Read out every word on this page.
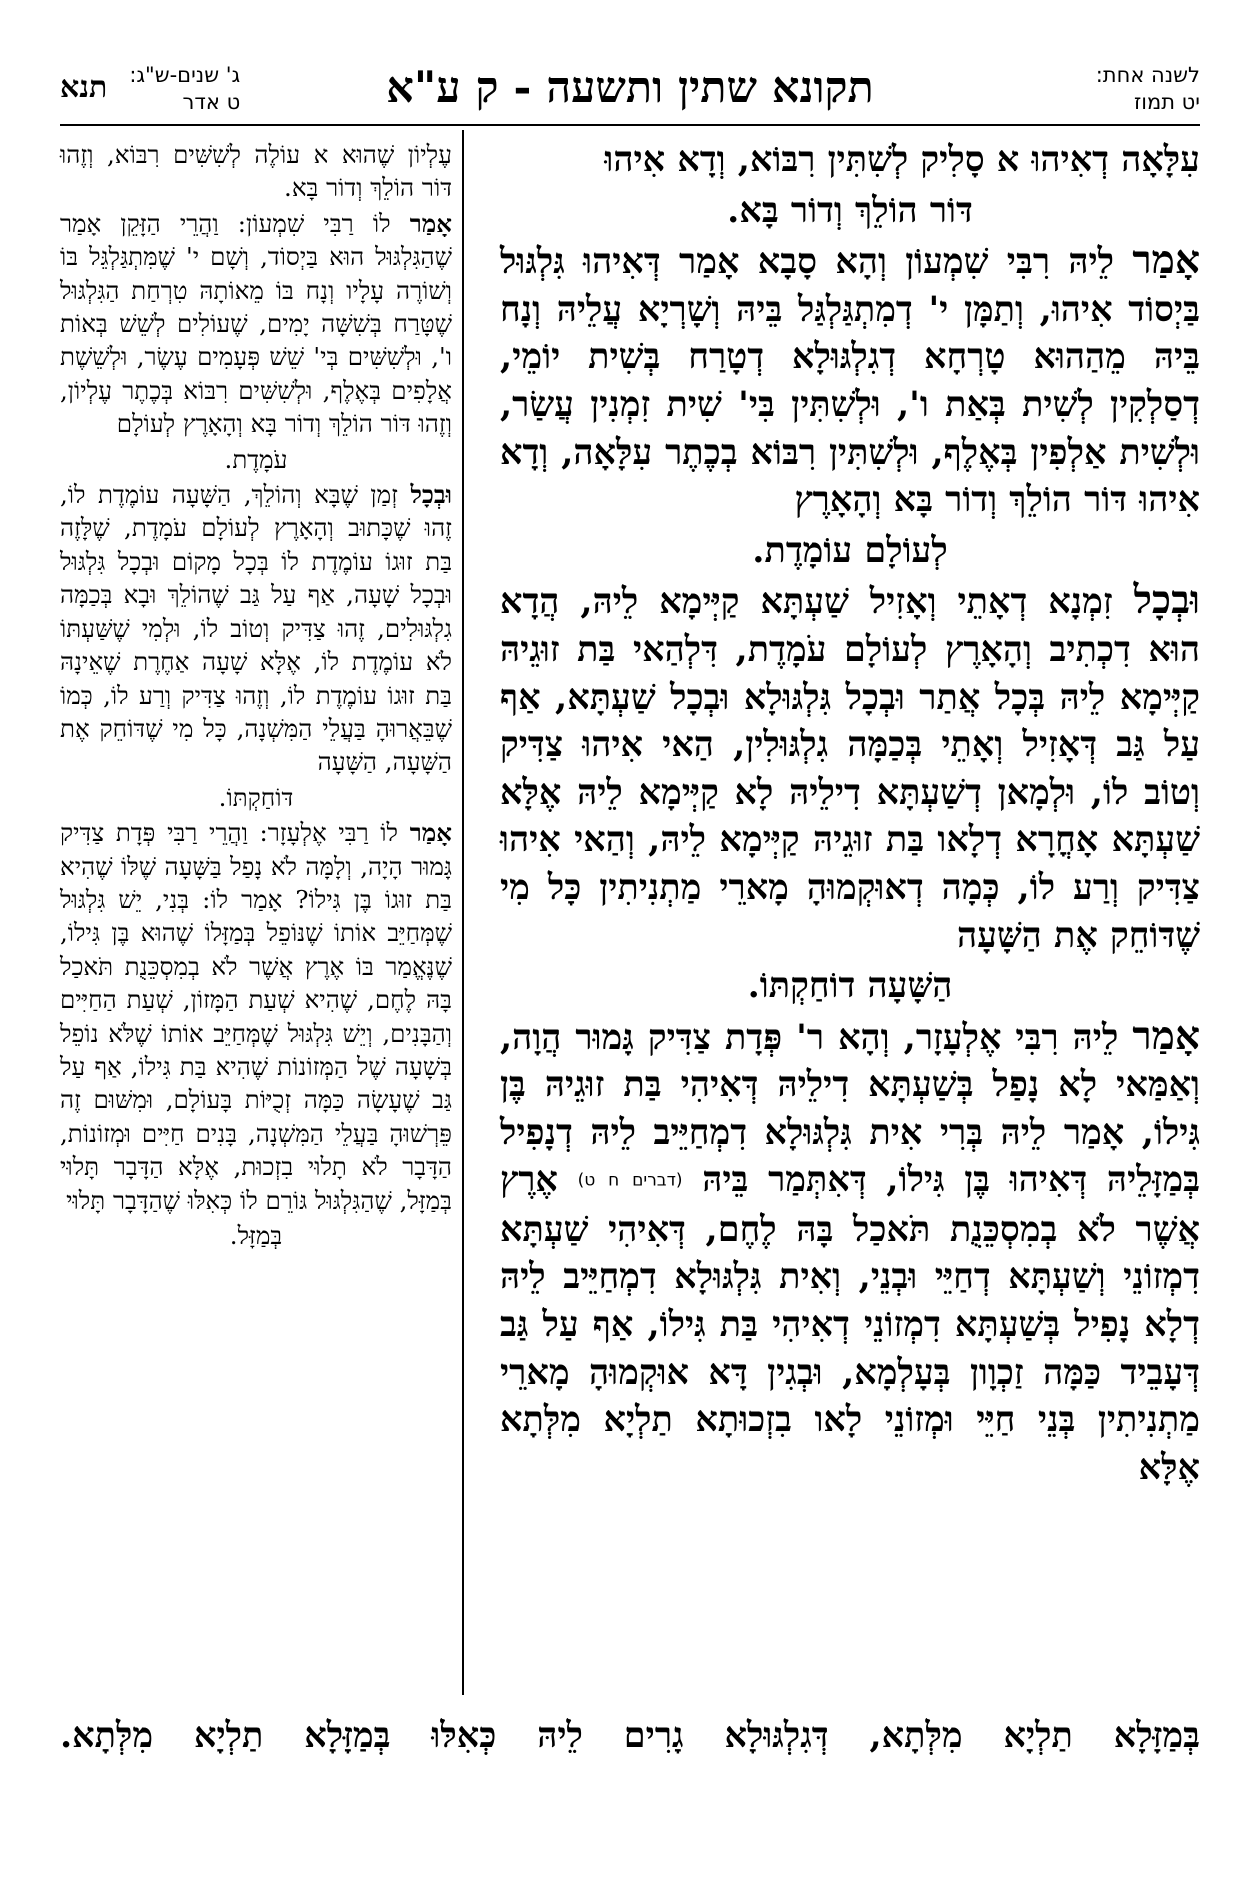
לשנה אחת:
יט תמוז
תקונא שתין ותשעה - ק ע"א
ג' שנים-ש"ג:
ט אדר
תנא

עִלָּאָה דְאִיהוּ א סָלִיק לְשִׁתִּין רִבּוֹא, וְדָא אִיהוּ

דּוֹר הוֹלֵךְ וְדוֹר בָּא.

אָמַר לֵיהּ רִבִּי שִׁמְעוֹן וְהָא סָבָא אָמַר דְּאִיהוּ גִּלְגּוּל בַּיְסוֹד אִיהוּ, וְתַמָּן י' דְמִתְגַּלְגַּל בֵּיהּ וְשָׁרְיָא עֲלֵיהּ וְנָח בֵּיהּ מֵהַהוּא טָרְחָא דְגִלְגּוּלָא דְטָרַח בְּשִׁית יוֹמֵי, דְסַלְקִין לְשִׁית בְּאַת ו', וּלְשִׁתִּין בִּי' שִׁית זִמְנִין עֲשַׂר, וּלְשִׁית אַלְפִין בְּאֶלֶף, וּלְשִׁתִּין רִבּוֹא בְכֶתֶר עִלָּאָה, וְדָא אִיהוּ דּוֹר הוֹלֵךְ וְדוֹר בָּא וְהָאָרֶץ

לְעוֹלָם עוֹמָדֶת.

וּבְכָל זִמְנָא דְאָתֵי וְאָזִיל שַׁעְתָּא קַיְּימָא לֵיהּ, הֲדָא הוּא דִכְתִיב וְהָאָרֶץ לְעוֹלָם עֹמָדֶת, דִּלְהַאי בַּת זוּגֵיהּ קַיְּימָא לֵיהּ בְּכָל אֲתַר וּבְכָל גִּלְגּוּלָא וּבְכָל שַׁעְתָּא, אַף עַל גַּב דְּאָזִיל וְאָתֵי בְּכַמָּה גִלְגּוּלִין, הַאי אִיהוּ צַדִּיק וְטוֹב לוֹ, וּלְמָאן דְשַׁעְתָּא דִילֵיהּ לָא קַיְּימָא לֵיהּ אֶלָּא שַׁעְתָּא אָחֳרָא דְלָאו בַּת זוּגֵיהּ קַיְּימָא לֵיהּ, וְהַאי אִיהוּ צַדִּיק וְרַע לוֹ, כְּמָה דְאוּקְמוּהָ מָארֵי מַתְנִיתִין כָּל מִי שֶׁדּוֹחֵק אֶת הַשָּׁעָה

הַשָּׁעָה דוֹחַקְתּוֹ.

אָמַר לֵיהּ רִבִּי אֶלְעָזָר, וְהָא ר' פְּדָת צַדִּיק גָּמוּר הֲוָה, וְאַמַּאי לָא נָפַל בְּשַׁעְתָּא דִילֵיהּ דְּאִיהִי בַּת זוּגֵיהּ בֶּן גִּילוֹ, אָמַר לֵיהּ בְּרִי אִית גִּלְגּוּלָא דִמְחַיֵּיב לֵיהּ דְנָפִיל בְּמַזָּלֵיהּ דְּאִיהוּ בֶּן גִּילוֹ, דְּאִתְּמַר בֵּיהּ (דברים ח ט) אֶרֶץ אֲשֶׁר לֹא בְמִסְכֵּנֻת תֹּאכַל בָּהּ לֶחֶם, דְּאִיהִי שַׁעְתָּא דִמְזוֹנֵי וְשַׁעְתָּא דְחַיֵּי וּבְנֵי, וְאִית גִּלְגּוּלָא דִמְחַיֵּיב לֵיהּ דְלָא נָפִיל בְּשַׁעְתָּא דִמְזוֹנֵי דְאִיהִי בַּת גִּילוֹ, אַף עַל גַּב דְּעָבֵיד כַּמָּה זַכְוָון בְּעָלְמָא, וּבְגִין דָּא אוּקְמוּהָ מָארֵי מַתְנִיתִין בְּנֵי חַיֵּי וּמְזוֹנֵי לָאו בִזְכוּתָא תַלְיָא מִלְּתָא אֶלָּא

עֶלְיוֹן שֶׁהוּא א עוֹלֶה לְשִׁשִּׁים רִבּוֹא, וְזֶהוּ דּוֹר הוֹלֵךְ וְדוֹר בָּא.

אָמַר לוֹ רַבִּי שִׁמְעוֹן: וַהֲרֵי הַזָּקֵן אָמַר שֶׁהַגִּלְגּוּל הוּא בַּיְסוֹד, וְשָׁם י' שֶׁמִּתְגַּלְגֵּל בּוֹ וְשׁוֹרֶה עָלָיו וְנָח בּוֹ מֵאוֹתָהּ טִרְחַת הַגִּלְגּוּל שֶׁטָּרַח בְּשִׁשָּׁה יָמִים, שֶׁעוֹלִים לְשֵׁשׁ בְּאוֹת ו', וּלְשִׁשִּׁים בְּי' שֵׁשׁ פְּעָמִים עֶשֶׂר, וּלְשֵׁשֶׁת אֲלָפִים בְּאֶלֶף, וּלְשִׁשִּׁים רִבּוֹא בְּכֶתֶר עֶלְיוֹן, וְזֶהוּ דּוֹר הוֹלֵךְ וְדוֹר בָּא וְהָאָרֶץ לְעוֹלָם

עֹמָדֶת.

וּבְכָל זְמַן שֶׁבָּא וְהוֹלֵךְ, הַשָּׁעָה עוֹמֶדֶת לוֹ, זֶהוּ שֶׁכָּתוּב וְהָאָרֶץ לְעוֹלָם עֹמָדֶת, שֶׁלָּזֶה בַּת זוּגוֹ עוֹמֶדֶת לוֹ בְּכָל מָקוֹם וּבְכָל גִּלְגּוּל וּבְכָל שָׁעָה, אַף עַל גַּב שֶׁהוֹלֵךְ וּבָא בְּכַמָּה גִלְגּוּלִים, זֶהוּ צַדִּיק וְטוֹב לוֹ, וּלְמִי שֶׁשַּׁעְתּוֹ לֹא עוֹמֶדֶת לוֹ, אֶלָּא שָׁעָה אַחֶרֶת שֶׁאֵינָהּ בַּת זוּגוֹ עוֹמֶדֶת לוֹ, וְזֶהוּ צַדִּיק וְרַע לוֹ, כְּמוֹ שֶׁבֵּאֲרוּהָ בַּעֲלֵי הַמִּשְׁנָה, כָּל מִי שֶׁדּוֹחֵק אֶת הַשָּׁעָה, הַשָּׁעָה

דּוֹחַקְתּוֹ.

אָמַר לוֹ רַבִּי אֶלְעָזָר: וַהֲרֵי רַבִּי פְּדָת צַדִּיק גָּמוּר הָיָה, וְלָמָּה לֹא נָפַל בַּשָּׁעָה שֶׁלּוֹ שֶׁהִיא בַּת זוּגוֹ בֶּן גִּילוֹ? אָמַר לוֹ: בְּנִי, יֵשׁ גִּלְגּוּל שֶׁמְּחַיֵּב אוֹתוֹ שֶׁנּוֹפֵל בְּמַזָּלוֹ שֶׁהוּא בֶּן גִּילוֹ, שֶׁנֶּאֱמַר בּוֹ אֶרֶץ אֲשֶׁר לֹא בְמִסְכֵּנֻת תֹּאכַל בָּהּ לֶחֶם, שֶׁהִיא שְׁעַת הַמָּזוֹן, שְׁעַת הַחַיִּים וְהַבָּנִים, וְיֵשׁ גִּלְגּוּל שֶׁמְּחַיֵּב אוֹתוֹ שֶׁלֹּא נוֹפֵל בְּשָׁעָה שֶׁל הַמְּזוֹנוֹת שֶׁהִיא בַּת גִּילוֹ, אַף עַל גַּב שֶׁעָשָׂה כַּמָּה זְכֻיּוֹת בָּעוֹלָם, וּמִשּׁוּם זֶה פֵּרְשׁוּהָ בַּעֲלֵי הַמִּשְׁנָה, בָּנִים חַיִּים וּמְזוֹנוֹת, הַדָּבָר לֹא תָלוּי בִזְכוּת, אֶלָּא הַדָּבָר תָּלוּי בְּמַזָּל, שֶׁהַגִּלְגּוּל גּוֹרֵם לוֹ כְּאִלּוּ שֶׁהַדָּבָר תָּלוּי

בְּמַזָּל.

בְּמַזָּלָא תַלְיָא מִלְּתָא, דְּגִלְגּוּלָא גָרִים לֵיהּ כְּאִלּוּ בְּמַזָּלָא תַלְיָא מִלְּתָא.
